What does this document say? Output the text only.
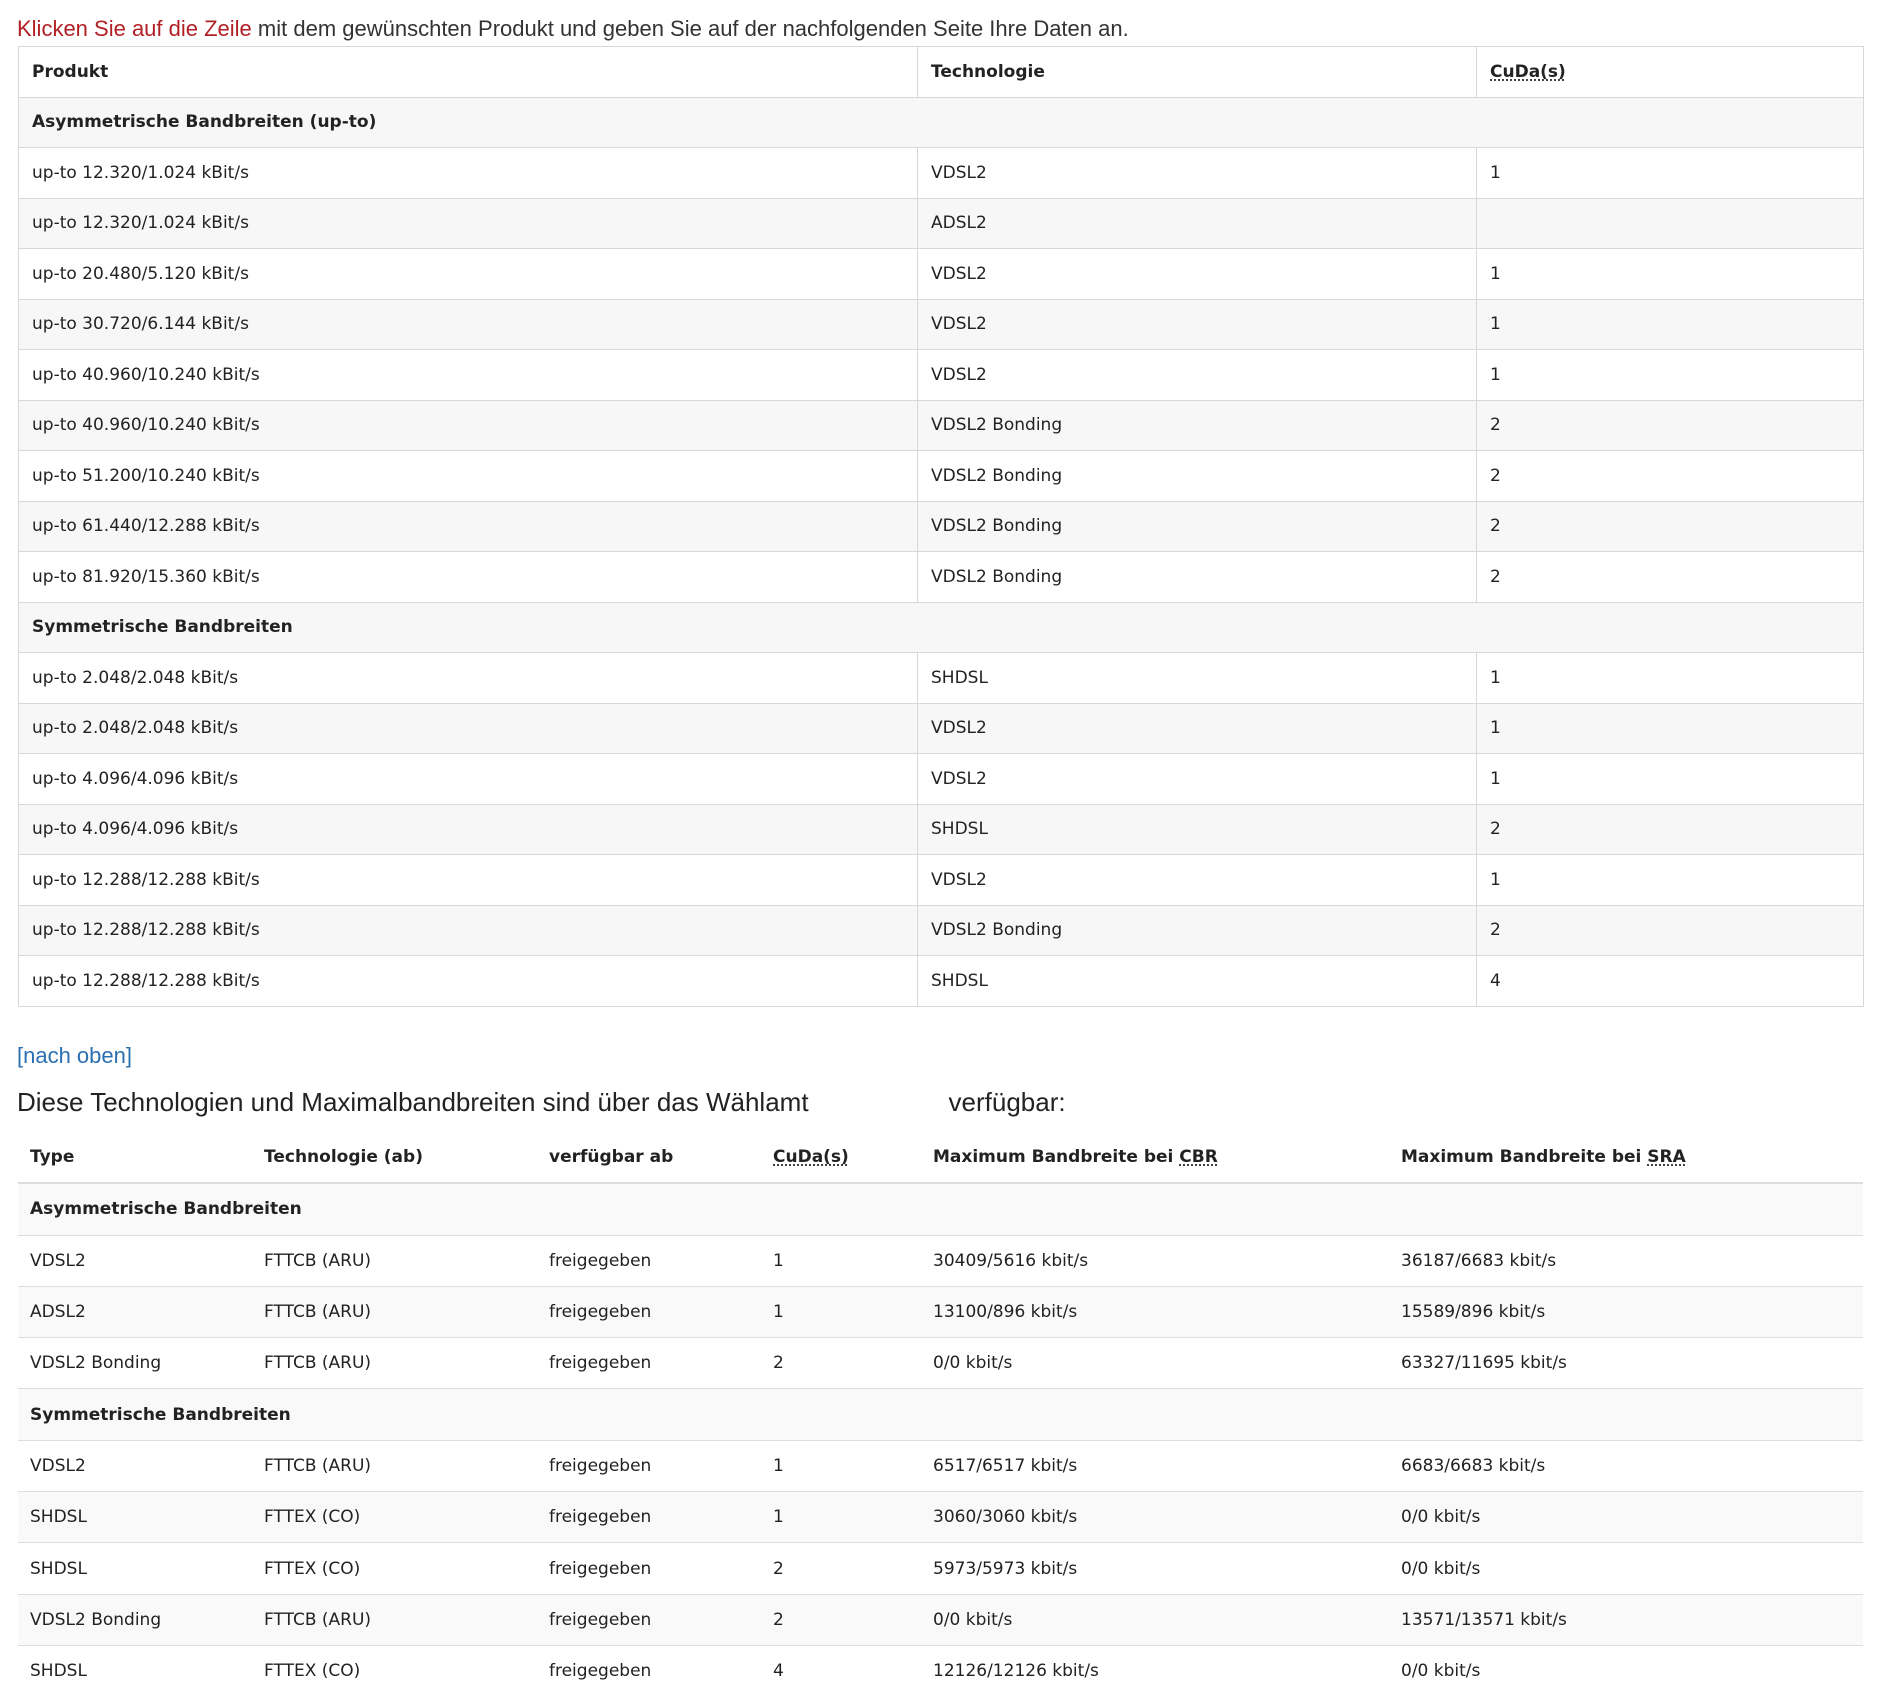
Klicken Sie auf die Zeile mit dem gewünschten Produkt und geben Sie auf der nachfolgenden Seite Ihre Daten an.
Produkt	Technologie	CuDa(s)
Asymmetrische Bandbreiten (up-to)		
up-to 12.320/1.024 kBit/s	VDSL2	1
up-to 12.320/1.024 kBit/s	ADSL2	
up-to 20.480/5.120 kBit/s	VDSL2	1
up-to 30.720/6.144 kBit/s	VDSL2	1
up-to 40.960/10.240 kBit/s	VDSL2	1
up-to 40.960/10.240 kBit/s	VDSL2 Bonding	2
up-to 51.200/10.240 kBit/s	VDSL2 Bonding	2
up-to 61.440/12.288 kBit/s	VDSL2 Bonding	2
up-to 81.920/15.360 kBit/s	VDSL2 Bonding	2
Symmetrische Bandbreiten		
up-to 2.048/2.048 kBit/s	SHDSL	1
up-to 2.048/2.048 kBit/s	VDSL2	1
up-to 4.096/4.096 kBit/s	VDSL2	1
up-to 4.096/4.096 kBit/s	SHDSL	2
up-to 12.288/12.288 kBit/s	VDSL2	1
up-to 12.288/12.288 kBit/s	VDSL2 Bonding	2
up-to 12.288/12.288 kBit/s	SHDSL	4
[nach oben]
Diese Technologien und Maximalbandbreiten sind über das Wählamt	verfügbar:
Type	Technologie (ab)	verfügbar ab	CuDa(s)	Maximum Bandbreite bei CBR	Maximum Bandbreite bei SRA
Asymmetrische Bandbreiten					
VDSL2	FTTCB (ARU)	freigegeben	1	30409/5616 kbit/s	36187/6683 kbit/s
ADSL2	FTTCB (ARU)	freigegeben	1	13100/896 kbit/s	15589/896 kbit/s
VDSL2 Bonding	FTTCB (ARU)	freigegeben	2	0/0 kbit/s	63327/11695 kbit/s
Symmetrische Bandbreiten					
VDSL2	FTTCB (ARU)	freigegeben	1	6517/6517 kbit/s	6683/6683 kbit/s
SHDSL	FTTEX (CO)	freigegeben	1	3060/3060 kbit/s	0/0 kbit/s
SHDSL	FTTEX (CO)	freigegeben	2	5973/5973 kbit/s	0/0 kbit/s
VDSL2 Bonding	FTTCB (ARU)	freigegeben	2	0/0 kbit/s	13571/13571 kbit/s
SHDSL	FTTEX (CO)	freigegeben	4	12126/12126 kbit/s	0/0 kbit/s
